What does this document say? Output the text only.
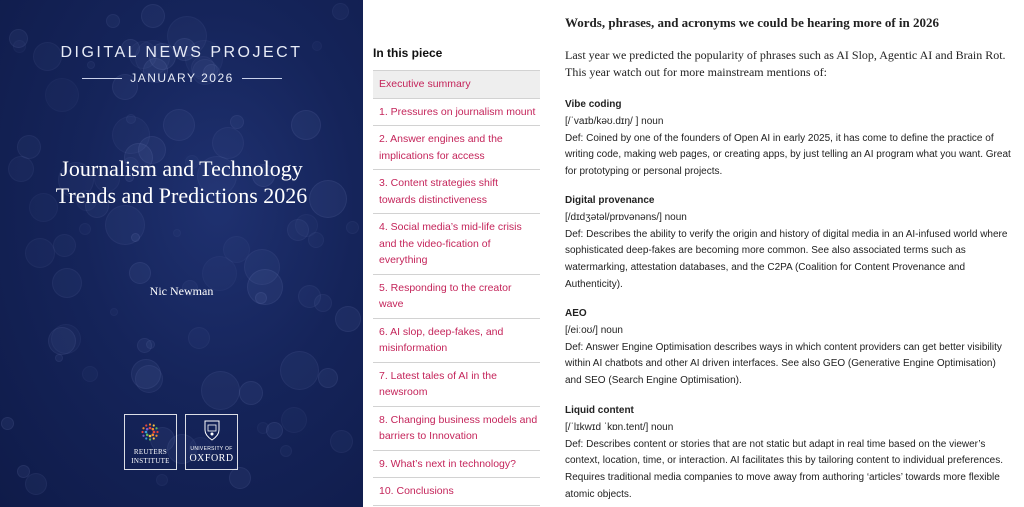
DIGITAL NEWS PROJECT
JANUARY 2026
Journalism and Technology
Trends and Predictions 2026
Nic Newman
REUTERS
INSTITUTE
UNIVERSITY OF
OXFORD
In this piece
Executive summary
1. Pressures on journalism mount
2. Answer engines and the
implications for access
3. Content strategies shift
towards distinctiveness
4. Social media’s mid-life crisis
and the video-fication of
everything
5. Responding to the creator
wave
6. AI slop, deep-fakes, and
misinformation
7. Latest tales of AI in the
newsroom
8. Changing business models and
barriers to Innovation
9. What’s next in technology?
10. Conclusions
Words, phrases, and acronyms we could be hearing more of in 2026
Last year we predicted the popularity of phrases such as AI Slop, Agentic AI and Brain Rot. This year watch out for more mainstream mentions of:

Vibe coding

[/ˈvaɪb/kəʊ.dɪŋ/ ] noun

Def: Coined by one of the founders of Open AI in early 2025, it has come to define the practice of writing code, making web pages, or creating apps, by just telling an AI program what you want. Great for prototyping or personal projects.

Digital provenance

[/dɪdʒətəl/prɒvənəns/] noun

Def: Describes the ability to verify the origin and history of digital media in an AI-infused world where sophisticated deep-fakes are becoming more common. See also associated terms such as watermarking, attestation databases, and the C2PA (Coalition for Content Provenance and Authenticity).

AEO

[/eiːoʊ/] noun

Def: Answer Engine Optimisation describes ways in which content providers can get better visibility within AI chatbots and other AI driven interfaces. See also GEO (Generative Engine Optimisation) and SEO (Search Engine Optimisation).

Liquid content

[/ˈlɪkwɪd ˈkɒn.tent/] noun

Def: Describes content or stories that are not static but adapt in real time based on the viewer’s context, location, time, or interaction. AI facilitates this by tailoring content to individual preferences. Requires traditional media companies to move away from authoring ‘articles’ towards more flexible atomic objects.
